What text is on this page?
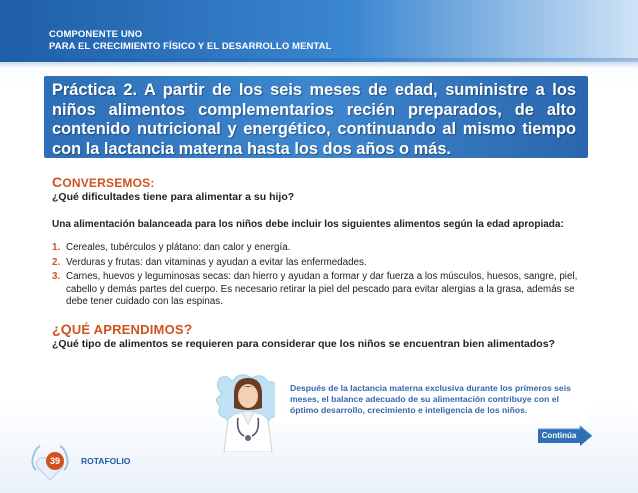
COMPONENTE UNO
PARA EL CRECIMIENTO FÍSICO Y EL DESARROLLO MENTAL
Práctica 2. A partir de los seis meses de edad, suministre a los niños alimentos complementarios recién preparados, de alto contenido nutricional y energético, continuando al mismo tiempo con la lactancia materna hasta los dos años o más.
CONVERSEMOS:
¿Qué dificultades tiene para alimentar a su hijo?
Una alimentación balanceada para los niños debe incluir los siguientes alimentos según la edad apropiada:
1. Cereales, tubérculos y plátano: dan calor y energía.
2. Verduras y frutas: dan vitaminas y ayudan a evitar las enfermedades.
3. Carnes, huevos y leguminosas secas: dan hierro y ayudan a formar y dar fuerza a los músculos, huesos, sangre, piel, cabello y demás partes del cuerpo. Es necesario retirar la piel del pescado para evitar alergias a la grasa, además se debe tener cuidado con las espinas.
¿QUÉ APRENDIMOS?
¿Qué tipo de alimentos se requieren para considerar que los niños se encuentran bien alimentados?
Después de la lactancia materna exclusiva durante los primeros seis meses, el balance adecuado de su alimentación contribuye con el óptimo desarrollo, crecimiento e inteligencia de los niños.
Continúa
39	ROTAFOLIO
